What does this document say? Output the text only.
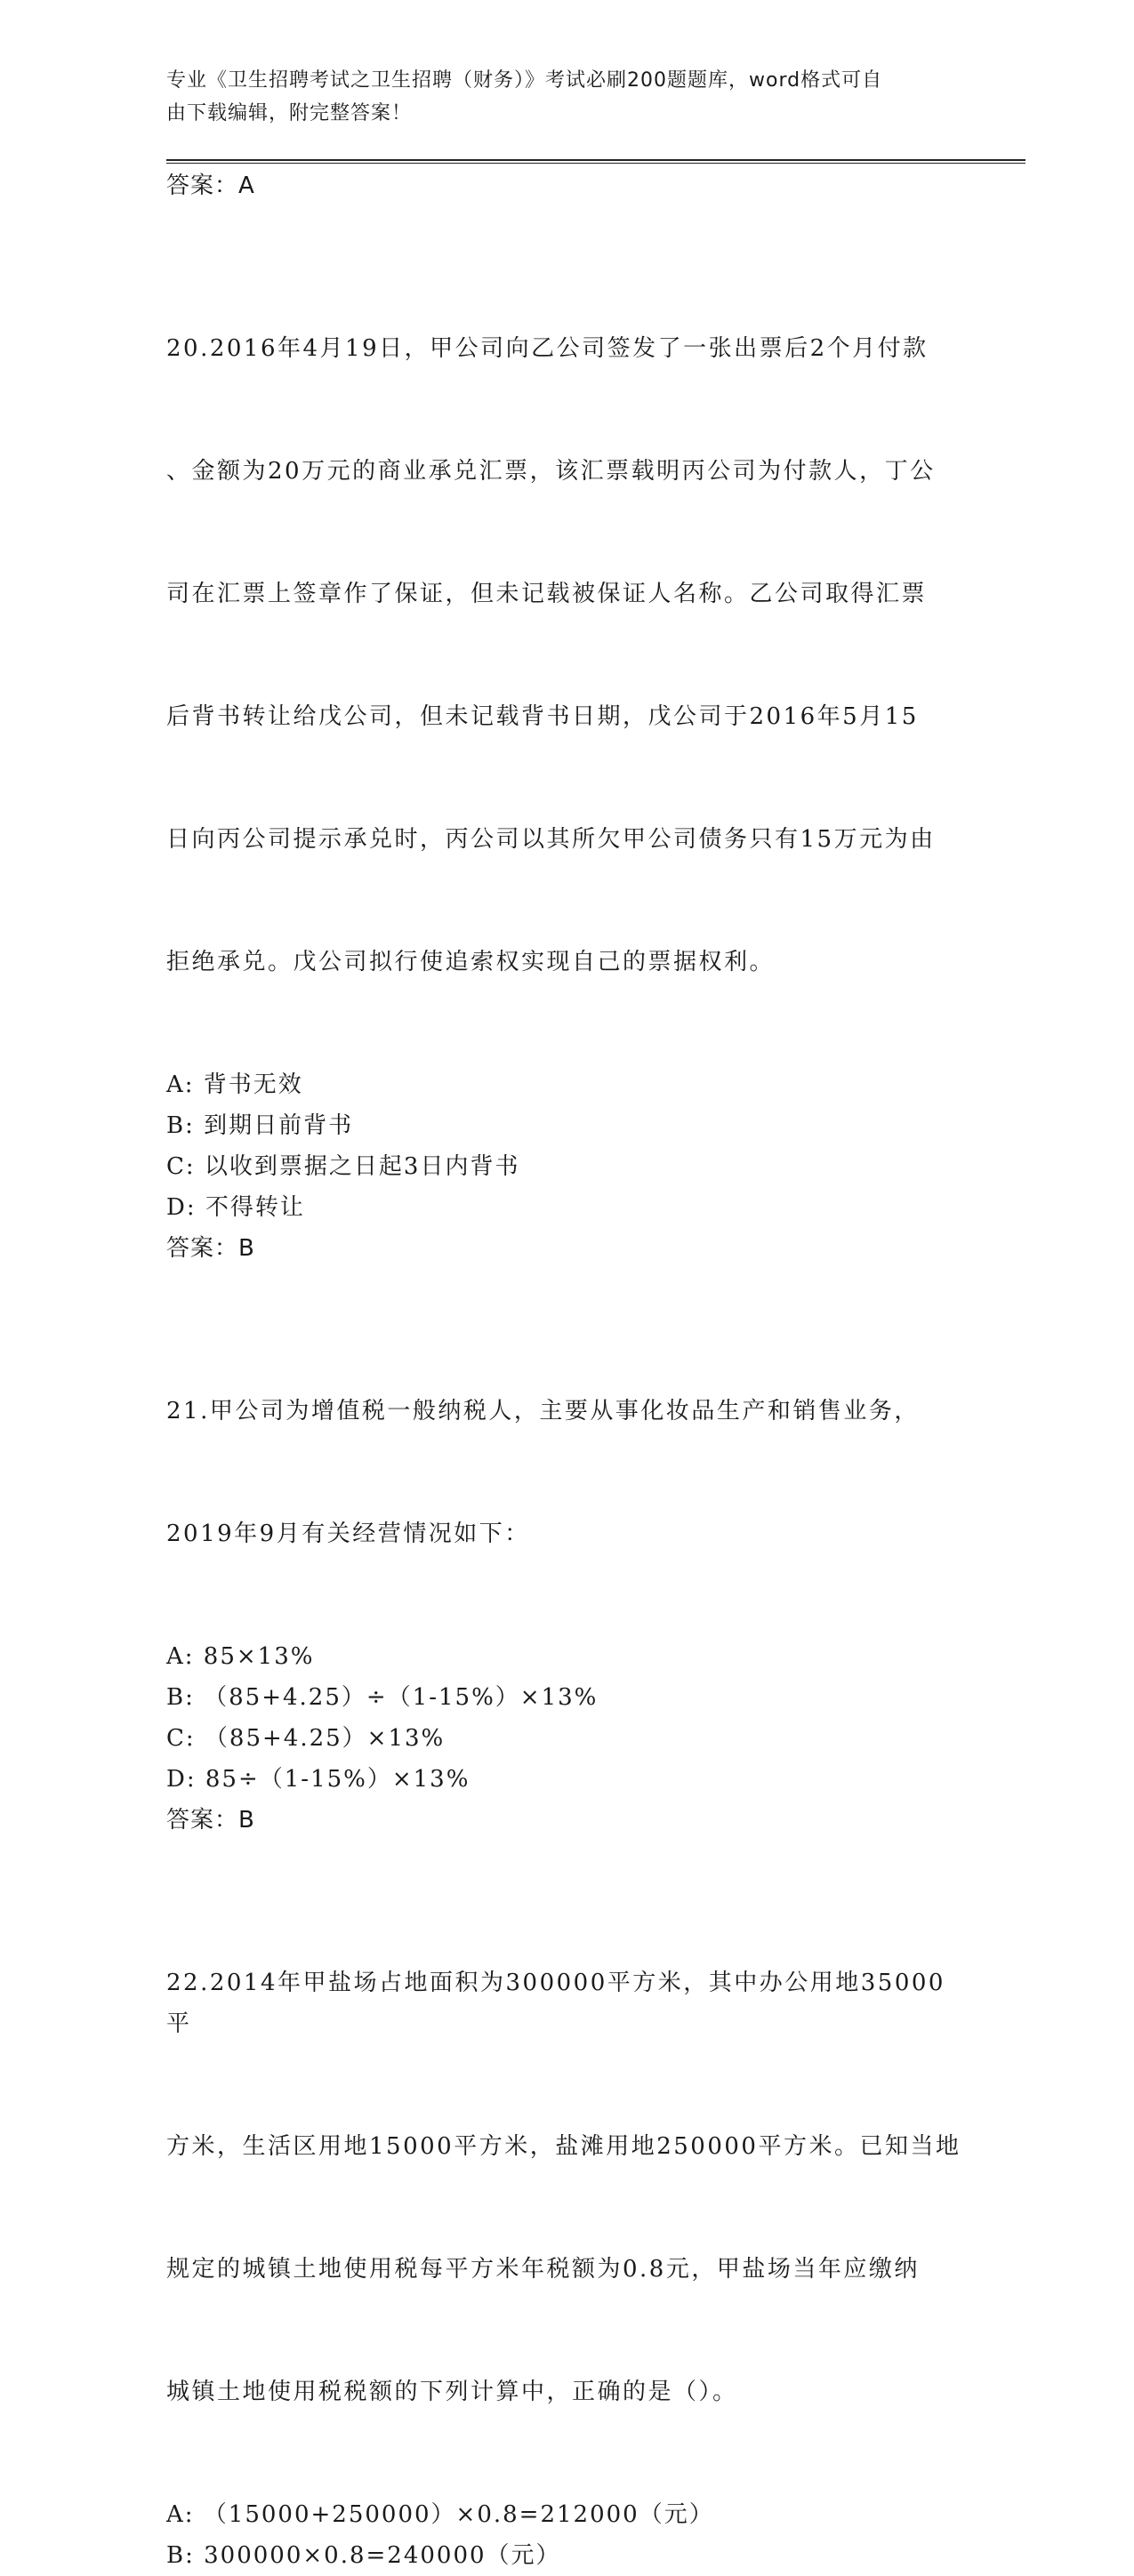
专业《卫生招聘考试之卫生招聘（财务）》考试必刷200题题库，word格式可自
由下载编辑，附完整答案！
答案：A

20.2016年4月19日，甲公司向乙公司签发了一张出票后2个月付款

、金额为20万元的商业承兑汇票，该汇票载明丙公司为付款人，丁公

司在汇票上签章作了保证，但未记载被保证人名称。乙公司取得汇票

后背书转让给戊公司，但未记载背书日期，戊公司于2016年5月15

日向丙公司提示承兑时，丙公司以其所欠甲公司债务只有15万元为由

拒绝承兑。戊公司拟行使追索权实现自己的票据权利。

A: 背书无效
B: 到期日前背书
C: 以收到票据之日起3日内背书
D: 不得转让
答案：B

21.甲公司为增值税一般纳税人，主要从事化妆品生产和销售业务，

2019年9月有关经营情况如下：

A: 85×13%
B: （85+4.25）÷（1-15%）×13%
C: （85+4.25）×13%
D: 85÷（1-15%）×13%
答案：B

22.2014年甲盐场占地面积为300000平方米，其中办公用地35000平

方米，生活区用地15000平方米，盐滩用地250000平方米。已知当地

规定的城镇土地使用税每平方米年税额为0.8元，甲盐场当年应缴纳

城镇土地使用税税额的下列计算中，正确的是（）。

A: （15000+250000）×0.8=212000（元）
B: 300000×0.8=240000（元）
